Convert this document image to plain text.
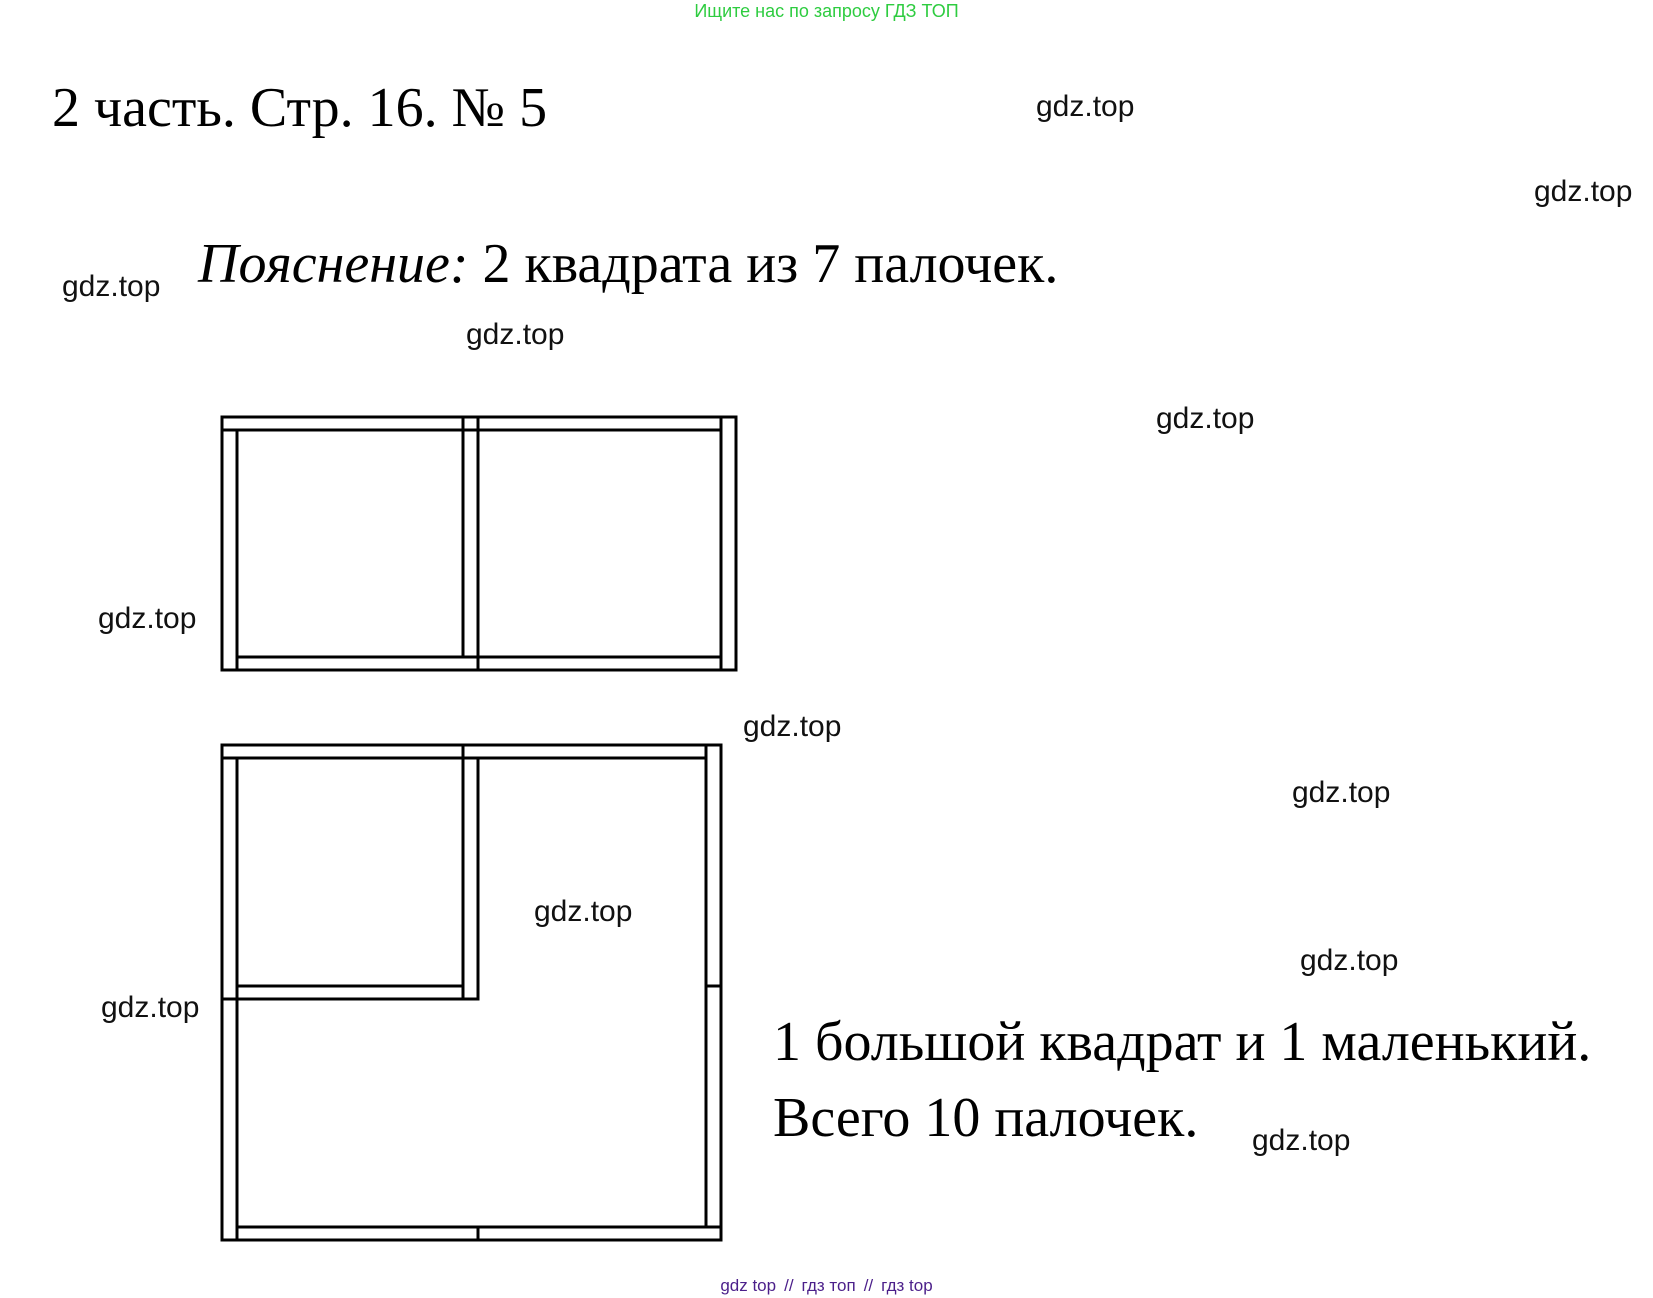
Ищите нас по запросу ГДЗ ТОП
2 часть. Стр. 16. № 5
Пояснение: 2 квадрата из 7 палочек.
1 большой квадрат и 1 маленький.
Всего 10 палочек.
gdz.top
gdz.top
gdz.top
gdz.top
gdz.top
gdz.top
gdz.top
gdz.top
gdz.top
gdz.top
gdz.top
gdz.top
gdz top // гдз топ // гдз top
